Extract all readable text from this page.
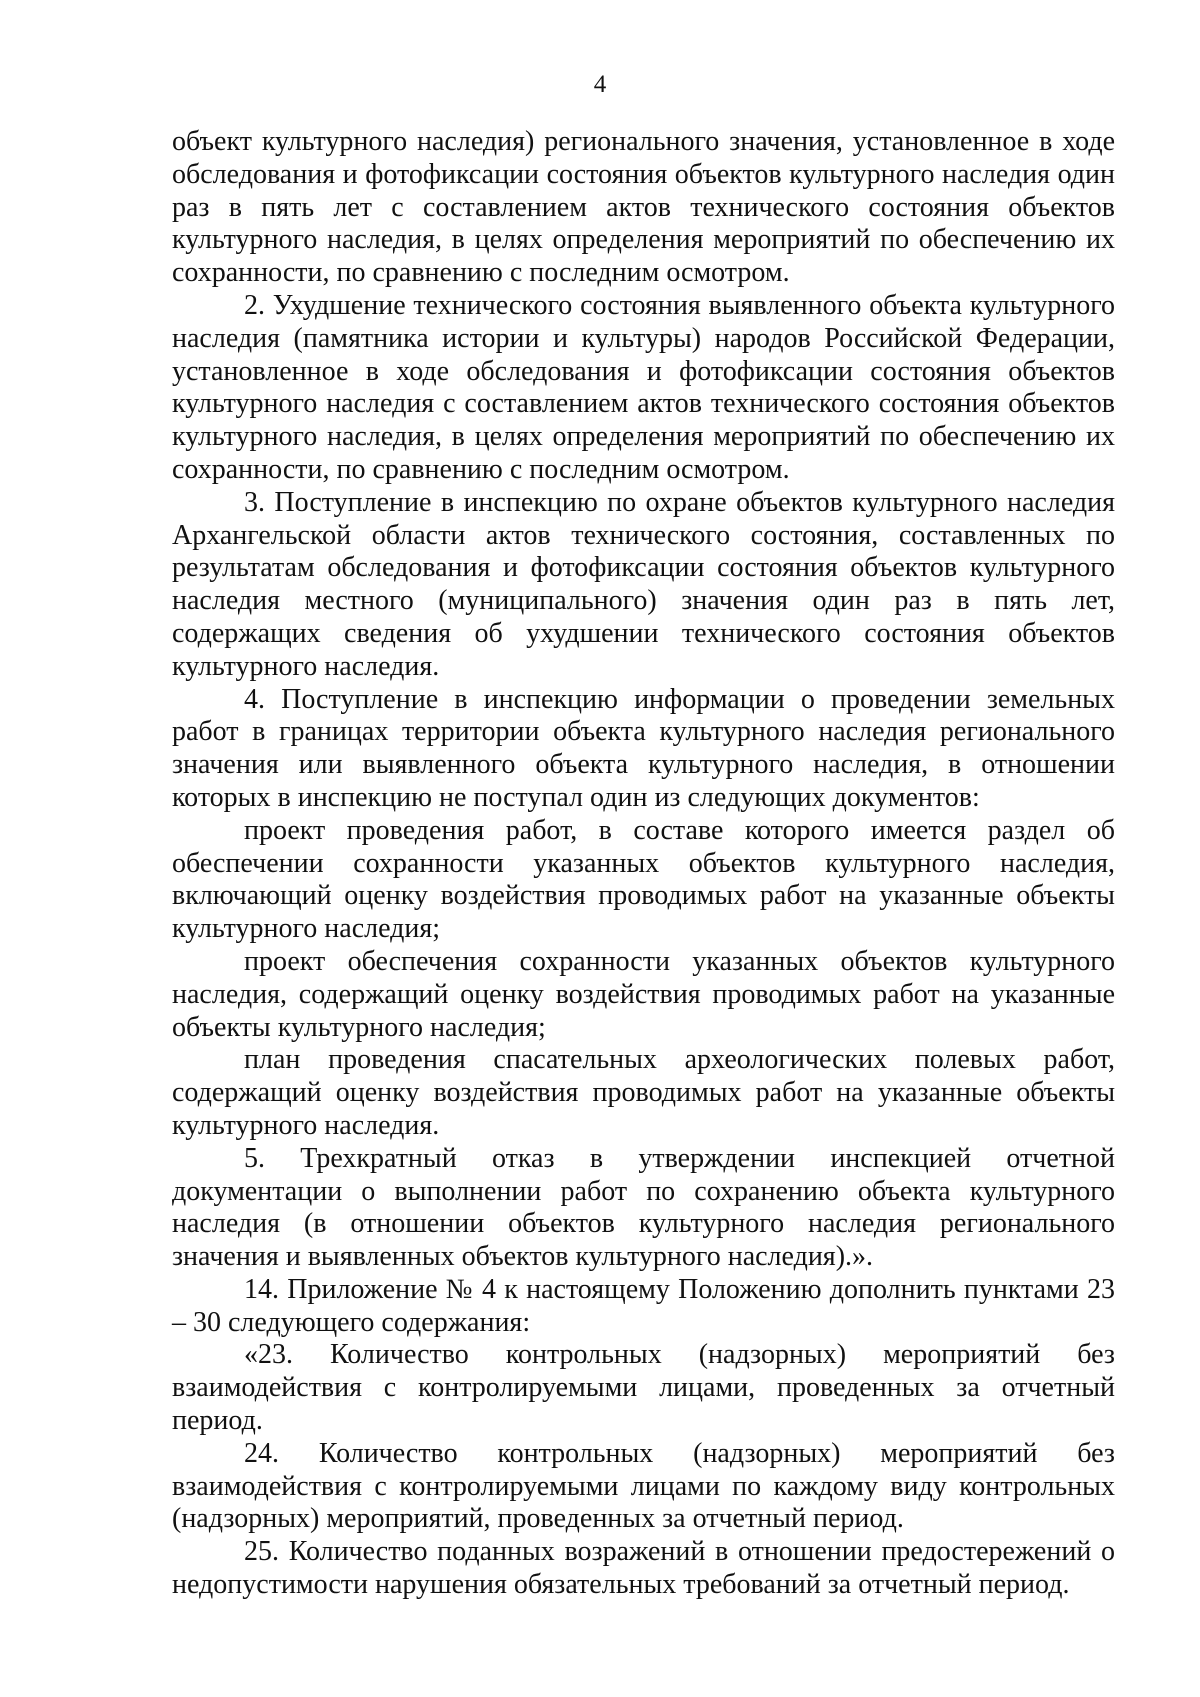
4

объект культурного наследия) регионального значения, установленное в ходе обследования и фотофиксации состояния объектов культурного наследия один раз в пять лет с составлением актов технического состояния объектов культурного наследия, в целях определения мероприятий по обеспечению их сохранности, по сравнению с последним осмотром.

2. Ухудшение технического состояния выявленного объекта культурного наследия (памятника истории и культуры) народов Российской Федерации, установленное в ходе обследования и фотофиксации состояния объектов культурного наследия с составлением актов технического состояния объектов культурного наследия, в целях определения мероприятий по обеспечению их сохранности, по сравнению с последним осмотром.

3. Поступление в инспекцию по охране объектов культурного наследия Архангельской области актов технического состояния, составленных по результатам обследования и фотофиксации состояния объектов культурного наследия местного (муниципального) значения один раз в пять лет, содержащих сведения об ухудшении технического состояния объектов культурного наследия.

4. Поступление в инспекцию информации о проведении земельных работ в границах территории объекта культурного наследия регионального значения или выявленного объекта культурного наследия, в отношении которых в инспекцию не поступал один из следующих документов:

проект проведения работ, в составе которого имеется раздел об обеспечении сохранности указанных объектов культурного наследия, включающий оценку воздействия проводимых работ на указанные объекты культурного наследия;

проект обеспечения сохранности указанных объектов культурного наследия, содержащий оценку воздействия проводимых работ на указанные объекты культурного наследия;

план проведения спасательных археологических полевых работ, содержащий оценку воздействия проводимых работ на указанные объекты культурного наследия.

5. Трехкратный отказ в утверждении инспекцией отчетной документации о выполнении работ по сохранению объекта культурного наследия (в отношении объектов культурного наследия регионального значения и выявленных объектов культурного наследия).».

14. Приложение № 4 к настоящему Положению дополнить пунктами 23 – 30 следующего содержания:

«23. Количество контрольных (надзорных) мероприятий без взаимодействия с контролируемыми лицами, проведенных за отчетный период.

24. Количество контрольных (надзорных) мероприятий без взаимодействия с контролируемыми лицами по каждому виду контрольных (надзорных) мероприятий, проведенных за отчетный период.

25. Количество поданных возражений в отношении предостережений о недопустимости нарушения обязательных требований за отчетный период.
